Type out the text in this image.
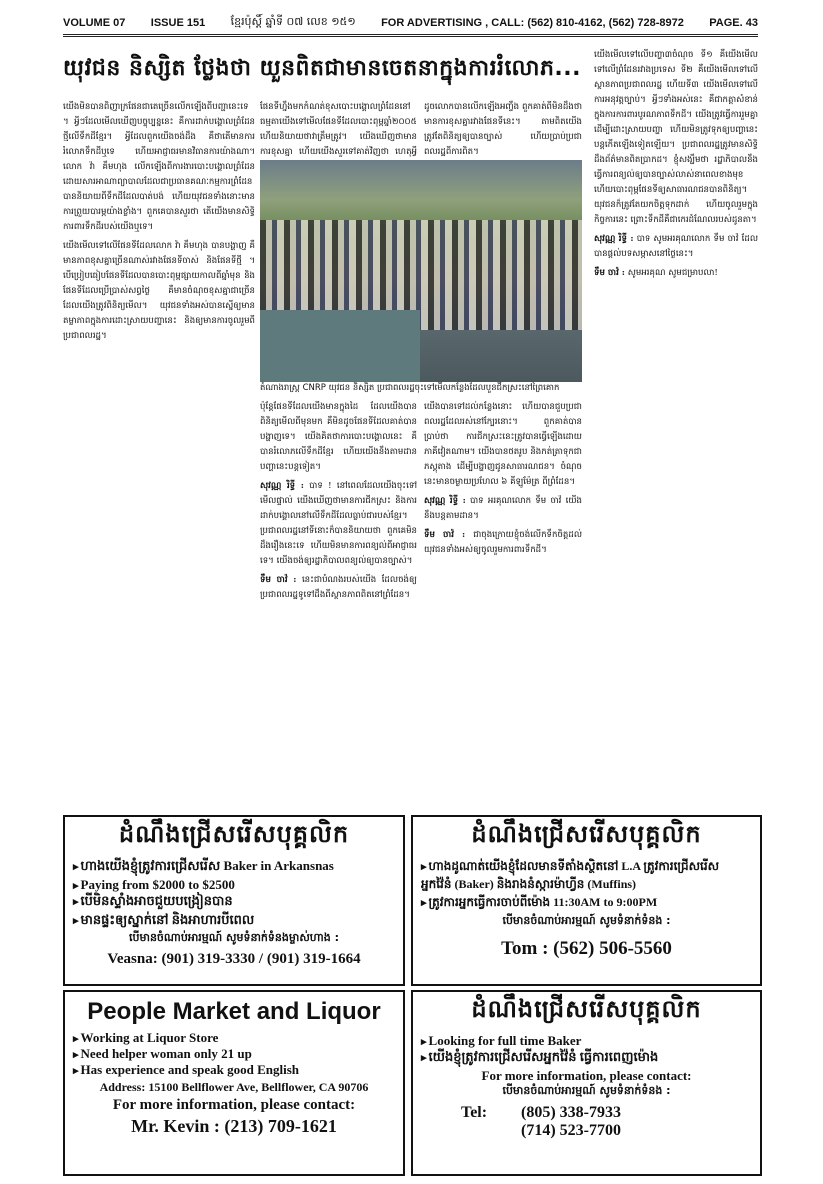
VOLUME 07 ISSUE 151 ខ្មែរប៉ុស្ដិ៍ ឆ្នាំទី ០៧ លេខ ១៥១ FOR ADVERTISING , CALL: (562) 810-4162, (562) 728-8972 PAGE. 43
យុវជន និស្សិត ថ្លែងថា យួនពិតជាមានចេតនាក្នុងការរំលោភ...

យើងមិនបានពិញាក្រផែនជាតេច្រើនលើកឡើងពីបញ្ហានេះទេ ។ អ្វីៗដែលមើលឃើញបច្ចុប្បន្ននេះ គឺការដាក់បង្គោលព្រំដែនថ្មីលើទឹកដីខ្មែរ។ អ្វីដែលពួកយើងចង់ដឹង គឺថាតើមានការរំលោភទឹកដីឬទេ ហើយអាជ្ញាធរមានវិធានការយ៉ាងណា។ លោក វ៉ា គឹមហុង លើកឡើងពីការងារបោះបង្គោលព្រំដែន ដោយសារអាណាព្យាបាលដែលជាប្រធានគណៈកម្មការព្រំដែនបាននិយាយពីទឹកដីដែលបាត់បង់ ហើយយុវជនទាំងនោះមានការព្រួយបារម្ភយ៉ាងខ្លាំង។ ពួកគេបានសួរថា តើយើងមានសិទ្ធិការពារទឹកដីរបស់យើងឬទេ។

យើងមើលទៅលើផែនទីដែលលោក វ៉ា គឹមហុង បានបង្ហាញ គឺមានភាពខុសគ្នាច្រើនណាស់រវាងផែនទីចាស់ និងផែនទីថ្មី ។ បើប្រៀបធៀបផែនទីដែលបានបោះពុម្ពផ្សាយកាលពីឆ្នាំមុន និងផែនទីដែលប្រើប្រាស់សព្វថ្ងៃ គឺមានចំណុចខុសគ្នាជាច្រើនដែលយើងត្រូវពិនិត្យមើល។ យុវជនទាំងអស់បានស្នើឲ្យមានតម្លាភាពក្នុងការដោះស្រាយបញ្ហានេះ និងឲ្យមានការចូលរួមពីប្រជាពលរដ្ឋ។

ផែនទីហ្នឹងមកកំណត់ខុសបោះបង្គោលព្រំដែននៅ ធម្មតាយើងទៅមើលផែនទីដែលបោះពុម្ពឆ្នាំ២០០៥ ហើយនិយាយថាវាត្រឹមត្រូវ។ យើងឃើញថាមានការខុសគ្នា ហើយយើងសួរទៅគាត់វិញថា ហេតុអ្វី

ដូចលោកបានលើកឡើងអញ្ចឹង ពួកគាត់ពីមិនដឹងថា មានការខុសគ្នារវាងផែនទីនេះ។ តាមពិតយើងត្រូវតែពិនិត្យឲ្យបានច្បាស់ ហើយប្រាប់ប្រជាពលរដ្ឋពីការពិត។

តំណាងរាស្រ្ត CNRP យុវជន និស្សិត ប្រជាពលរដ្ឋចុះទៅមើលកន្លែងដែលបួនជីកស្រះនៅព្រៃគោក

ប៉ុន្តែផែនទីដែលយើងមានក្នុងដៃ ដែលយើងបានពិនិត្យមើលពីមុនមក គឺមិនដូចផែនទីដែលគាត់បានបង្ហាញទេ។ យើងគិតថាការបោះបង្គោលនេះ គឺបានរំលោភលើទឹកដីខ្មែរ ហើយយើងនឹងតាមដានបញ្ហានេះបន្តទៀត។

សុវណ្ណ រិទ្ធី : បាទ ! នៅពេលដែលយើងចុះទៅមើលផ្ទាល់ យើងឃើញថាមានការជីកស្រះ និងការដាក់បង្គោលនៅលើទឹកដីដែលធ្លាប់ជារបស់ខ្មែរ។ ប្រជាពលរដ្ឋនៅទីនោះក៏បាននិយាយថា ពួកគេមិនដឹងរឿងនេះទេ ហើយមិនមានការពន្យល់ពីអាជ្ញាធរទេ។ យើងចង់ឲ្យរដ្ឋាភិបាលពន្យល់ឲ្យបានច្បាស់។

ទឹម ចាវ៉ : នេះជាបំណងរបស់យើង ដែលចង់ឲ្យប្រជាពលរដ្ឋទូទៅដឹងពីស្ថានភាពពិតនៅព្រំដែន។

យើងបានទៅដល់កន្លែងនោះ ហើយបានជួបប្រជាពលរដ្ឋដែលរស់នៅក្បែរនោះ។ ពួកគាត់បានប្រាប់ថា ការជីកស្រះនេះត្រូវបានធ្វើឡើងដោយភាគីវៀតណាម។ យើងបានថតរូប និងកត់ត្រាទុកជាភស្តុតាង ដើម្បីបង្ហាញជូនសាធារណជន។ ចំណុចនេះមានចម្ងាយប្រហែល ៦ គីឡូម៉ែត្រ ពីព្រំដែន។

សុវណ្ណ រិទ្ធី : បាទ អរគុណលោក ទឹម ចាវ៉ យើងនឹងបន្តតាមដាន។

ទឹម ចាវ៉ : ជាចុងក្រោយខ្ញុំចង់លើកទឹកចិត្តដល់យុវជនទាំងអស់ឲ្យចូលរួមការពារទឹកដី។

យើងមើលទៅលើបញ្ហា៣ចំណុច ទី១ គឺយើងមើលទៅលើព្រំដែនរវាងប្រទេស ទី២ គឺយើងមើលទៅលើស្ថានភាពប្រជាពលរដ្ឋ ហើយទី៣ យើងមើលទៅលើការអនុវត្តច្បាប់។ អ្វីៗទាំងអស់នេះ គឺជាកត្តាសំខាន់ក្នុងការការពារបូរណភាពទឹកដី។ យើងត្រូវធ្វើការរួមគ្នា ដើម្បីដោះស្រាយបញ្ហា ហើយមិនត្រូវទុកឲ្យបញ្ហានេះបន្តកើតឡើងទៀតឡើយ។ ប្រជាពលរដ្ឋត្រូវមានសិទ្ធិដឹងព័ត៌មានពិតប្រាកដ។ ខ្ញុំសង្ឃឹមថា រដ្ឋាភិបាលនឹងធ្វើការពន្យល់ឲ្យបានច្បាស់លាស់នាពេលខាងមុខ ហើយបោះពុម្ពផែនទីឲ្យសាធារណជនបានពិនិត្យ។ យុវជនក៏ត្រូវតែយកចិត្តទុកដាក់ ហើយចូលរួមក្នុងកិច្ចការនេះ ព្រោះទឹកដីគឺជាកេរដំណែលរបស់ដូនតា។

សុវណ្ណ រិទ្ធី : បាទ សូមអរគុណលោក ទឹម ចាវ៉ ដែលបានផ្ដល់បទសម្ភាសនៅថ្ងៃនេះ។

ទឹម ចាវ៉ : សូមអរគុណ សូមជម្រាបលា!

ដំណឹងជ្រើសរើសបុគ្គលិក
▸ ហាងយើងខ្ញុំត្រូវការជ្រើសរើស Baker in Arkansnas
▸ Paying from $2000 to $2500
▸ បើមិនស្ទាំងអាចជួយបង្រៀនបាន
▸ មានផ្ទះឲ្យស្នាក់នៅ និងអាហារបីពេល
បើមានចំណាប់អារម្មណ៍ សូមទំនាក់ទំនងម្ចាស់ហាង :
Veasna: (901) 319-3330 / (901) 319-1664
ដំណឹងជ្រើសរើសបុគ្គលិក
▸ ហាងដូណាត់យើងខ្ញុំដែលមានទីតាំងស្ថិតនៅ L.A ត្រូវការជ្រើសរើស
អ្នកវ៉ៃនំ (Baker) និងរាងនំស្ការម៉ាហ្វីន (Muffins)
▸ ត្រូវការអ្នកធ្វើការចាប់ពីម៉ោង 11:30AM to 9:00PM
បើមានចំណាប់អារម្មណ៍ សូមទំនាក់ទំនង :
Tom : (562) 506-5560
People Market and Liquor
▸ Working at Liquor Store
▸ Need helper woman only 21 up
▸ Has experience and speak good English
Address: 15100 Bellflower Ave, Bellflower, CA 90706
For more information, please contact:
Mr. Kevin : (213) 709-1621
ដំណឹងជ្រើសរើសបុគ្គលិក
▸ Looking for full time Baker
▸ យើងខ្ញុំត្រូវការជ្រើសរើសអ្នកវ៉ៃនំ ធ្វើការពេញម៉ោង
For more information, please contact:
បើមានចំណាប់អារម្មណ៍ សូមទំនាក់ទំនង :
Tel:	(805) 338-7933
(714) 523-7700
